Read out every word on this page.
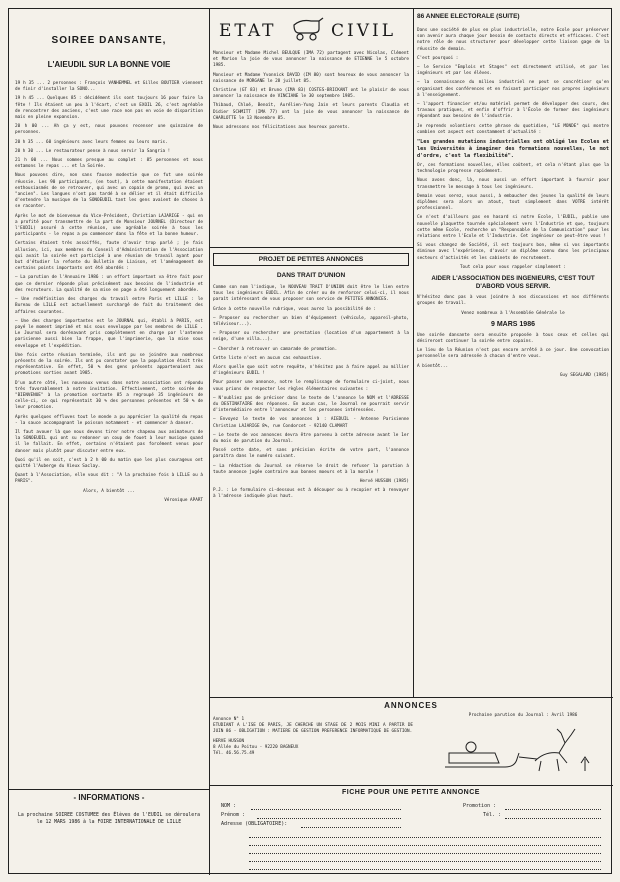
SOIREE DANSANTE,

L'AIEUDIL SUR LA BONNE VOIE

19 h 35 ... 2 personnes : François VANHEMMEL et Gilles BOUTIER viennent de finir d'installer la SONO...

19 h 45 ... Quelques 85 : décidément ils sont toujours 16 pour faire la fête ! Ils étaient un peu à l'écart, c'est un EXOIL 26, c'est agréable de rencontrer des anciens, c'est une race non pas en voie de disparition mais en pleine expansion.

20 h 00 ... Ah ça y est, nous pouvons recenser une quinzaine de personnes.

20 h 35 ... 60 ingénieurs avec leurs femmes ou leurs maris.

20 h 30 ... Le restaurateur pense à nous servir la Sangria !

21 h 00 ... Nous sommes presque au complet : 85 personnes et nous entamons le repas ... et la Soirée.

Nous pouvons dire, non sans fausse modestie que ce fut une soirée réussie. Les 90 participants, (en tout), à cette manifestation étaient enthousiasmés de se retrouver, qui avec un copain de promo, qui avec un "ancien". Les langues n'ont pas tardé à se délier et il était difficile d'entendre la musique de la SONOEUDIL tant les gens avaient de choses à se raconter.

Après le mot de bienvenue du Vice-Président, Christian LAJARIGE - qui en a profité pour transmettre de la part de Monsieur JOURNEL (Directeur de l'EUDIL) assuré à cette réunion, une agréable soirée à tous les participants - le repas a pu commencer dans la fête et la bonne humeur.

Certains étaient très assoiffés, faute d'avoir trop parlé ; je fais allusion, ici, aux membres du Conseil d'Administration de l'Association qui avait la soirée est participé à une réunion de travail ayant pour but d'étudier la refonte du Bulletin de Liaison, et l'aménagement de certains points importants ont été abordés :

— La parution de l'Annuaire 1986 : un effort important va être fait pour que ce dernier réponde plus précisément aux besoins de l'industrie et des recruteurs. La qualité de sa mise en page a été longuement abordée.

— Une redéfinition des charges du travail entre Paris et LILLE : le Bureau de LILLE est actuellement surchargé de fait du traitement des affaires courantes.

— Une des charges importantes est le JOURNAL qui, établi à PARIS, est payé le moment imprimé et mis sous enveloppe par les membres de LILLE . Le Journal sera dorénavant pris complètement en charge par l'antenne parisienne aussi bien la frappe, que l'imprimerie, que la mise sous enveloppe et l'expédition.

Une fois cette réunion terminée, ils ont pu se joindre aux nombreux présents de la soirée. Ils ont pu constater que la population était très représentative. En effet, 50 % des gens présents appartenaient aux promotions sorties avant 1985.

D'un autre côté, les nouveaux venus dans notre association ont répondu très favorablement à notre invitation. Effectivement, cette soirée de "BIENVENUE" à la promotion sortante 85 a regroupé 35 ingénieurs de celle-ci, ce qui représentait 30 % des personnes présentes et 50 % de leur promotion.

Après quelques effluves tout le monde a pu apprécier la qualité du repas - la sauce accompagnant le poisson notamment - et commencer à danser.

Il faut avouer là que nous devons tirer notre chapeau aux animateurs de la SONOEUDIL qui ont su redonner un coup de fouet à leur musique quand il le fallait. En effet, certains n'étaient pas forcément venus pour danser mais plutôt pour discuter entre eux.

Quoi qu'il en soit, c'est à 2 h 00 du matin que les plus courageux ont quitté l'Auberge du Vieux Saclay.

Quant à l'Association, elle vous dit : "A la prochaine fois à LILLE ou à PARIS".

Alors, A bientôt ...

Véronique APART

- INFORMATIONS -

La prochaine SOIREE COSTUMEE des Élèves de l'EUDIL se déroulera le 12 MARS 1986 à la FOIRE INTERNATIONALE DE LILLE

ETAT	CIVIL

Monsieur et Madame Michel BEULQUE (IMA 72) partagent avec Nicolas, Clément et Marion la joie de vous annoncer la naissance de ETIENNE le 5 octobre 1985.

Monsieur et Madame Yvonnick DAVID (IM 80) sont heureux de vous annoncer la naissance de MORGANE le 28 juillet 85.

Christine (GT 83) et Bruno (IMA 83) COSTES-BRICKANT ont le plaisir de vous annoncer la naissance de VINCIANE le 30 septembre 1985.

Thibaud, Chloé, Benoît, Aurélien-Yung Jain et leurs parents Claudia et Didier SCHMITT (IMA 77) ont la joie de vous annoncer la naissance de CHARLOTTE le 13 Novembre 85.

Nous adressons nos félicitations aux heureux parents.

PROJET DE PETITES ANNONCES

DANS TRAIT D'UNION

Comme son nom l'indique, le NOUVEAU TRAIT D'UNION doit être le lien entre tous les ingénieurs EUDIL. Afin de créer ou de renforcer celui-ci, il nous paraît intéressant de vous proposer son service de PETITES ANNONCES.

Grâce à cette nouvelle rubrique, vous aurez la possibilité de :

— Proposer ou rechercher un bien d'équipement (véhicule, appareil-photo, téléviseur...).

— Proposer ou rechercher une prestation (location d'un appartement à la neige, d'une villa...).

— Chercher à retrouver un camarade de promotion.

Cette liste n'est en aucun cas exhaustive.

Alors quelle que soit votre requête, n'hésitez pas à faire appel au millier d'ingénieurs EUDIL !

Pour passer une annonce, notre le remplissage de formulaire ci-joint, nous vous prions de respecter les règles élémentaires suivantes :

— N'oubliez pas de préciser dans le texte de l'annonce le NOM et l'ADRESSE du DESTINATAIRE des réponses. En aucun cas, le Journal ne pourrait servir d'intermédiaire entre l'annonceur et les personnes intéressées.

— Envoyez le texte de vos annonces à : AIEDUIL - Antenne Parisienne Christian LAJARIGE 8%, rue Condorcet - 92140 CLAMART

— Le texte de vos annonces devra être parvenu à cette adresse avant le 1er du mois de parution du Journal.

Passé cette date, et sans précision écrite de votre part, l'annonce paraîtra dans le numéro suivant.

— La rédaction du Journal se réserve le droit de refuser la parution à toute annonce jugée contraire aux bonnes moeurs et à la morale !

Hervé HUSSON (1985)

P.J. : Le formulaire ci-dessous est à découper ou à recopier et à renvoyer à l'adresse indiquée plus haut.

86 ANNEE ELECTORALE (SUITE)

Dans une société de plus en plus industrielle, notre Ecole pour préserver son avenir aura chaque jour besoin de contacts directs et efficaces. C'est notre rôle de nous structurer pour développer cette liaison gage de la réussite de demain.

C'est pourquoi :

— le Service "Emplois et Stages" est directement utilisé, et par les ingénieurs et par les élèves.

— la connaissance du milieu industriel ne peut se concrétiser qu'en organisant des conférences et en faisant participer nos propres ingénieurs à l'enseignement.

— l'apport financier et/ou matériel permet de développer des cours, des travaux pratiques, et enfin d'offrir à l'École de former des ingénieurs répondant aux besoins de l'industrie.

Je reprends volontiers cette phrase du quotidien, "LE MONDE" qui montre combien cet aspect est constamment d'actualité :

"Les grandes mutations industrielles ont obligé les Ecoles et les Universités à imaginer des formations nouvelles, le mot d'ordre, c'est la flexibilité".

Or, ces formations nouvelles, elles coûtent, et cela n'étant plus que la technologie progresse rapidement.

Nous avons donc, là, nous aussi un effort important à fournir pour transmettre le message à tous les ingénieurs.

Demain vous serez, vous aussi, à embaucher des jeunes la qualité de leurs diplômes sera alors un atout, tout simplement dans VOTRE intérêt professionnel.

Ce n'est d'ailleurs pas en hasard si notre Ecole, l'EUDIL, publie une nouvelle plaquette tournée spécialement vers l'Industrie et que, toujours cette même Ecole, recherche un "Responsable de la Communication" pour les relations entre l'Ecole et l'Industrie. Cet ingénieur ce peut-être vous !

Si vous changez de Société, il est toujours bon, même si vos importants diminue avec l'expérience, d'avoir un diplôme connu dans les principaux secteurs d'activités et les cabinets de recrutement.

Tout cela pour vous rappeler simplement :

AIDER L'ASSOCIATION DES INGENIEURS, C'EST TOUT D'ABORD VOUS SERVIR.

N'hésitez donc pas à vous joindre à nos discussions et nos différents groupes de travail.

Venez nombreux à l'Assemblée Générale le

9 MARS 1986

Une soirée dansante sera ensuite proposée à tous ceux et celles qui désireront continuer la soirée entre copains.

Le lieu de la Réunion n'est pas encore arrêté à ce jour. Une convocation personnelle sera adressée à chacun d'entre vous.

A bientôt...

Guy SEGALARD (1985)

ANNONCES

Annonce N° 1

ETUDIANT A L'ISE DE PARIS, JE CHERCHE UN STAGE DE 2 MOIS MINI A PARTIR DE JUIN 86 - OBLIGATION : MATIERE DE GESTION PREFERENCE INFORMATIQUE DE GESTION.

HERVE HUSSON
8 Allée du Poitou - 92220 BAGNEUX
Tél. 46.56.75.49

Prochaine parution du Journal : Avril 1986

FICHE POUR UNE PETITE ANNONCE

NOM :
Prénom :
Adresse (OBLIGATOIRE):
Promotion :
Tél. :
